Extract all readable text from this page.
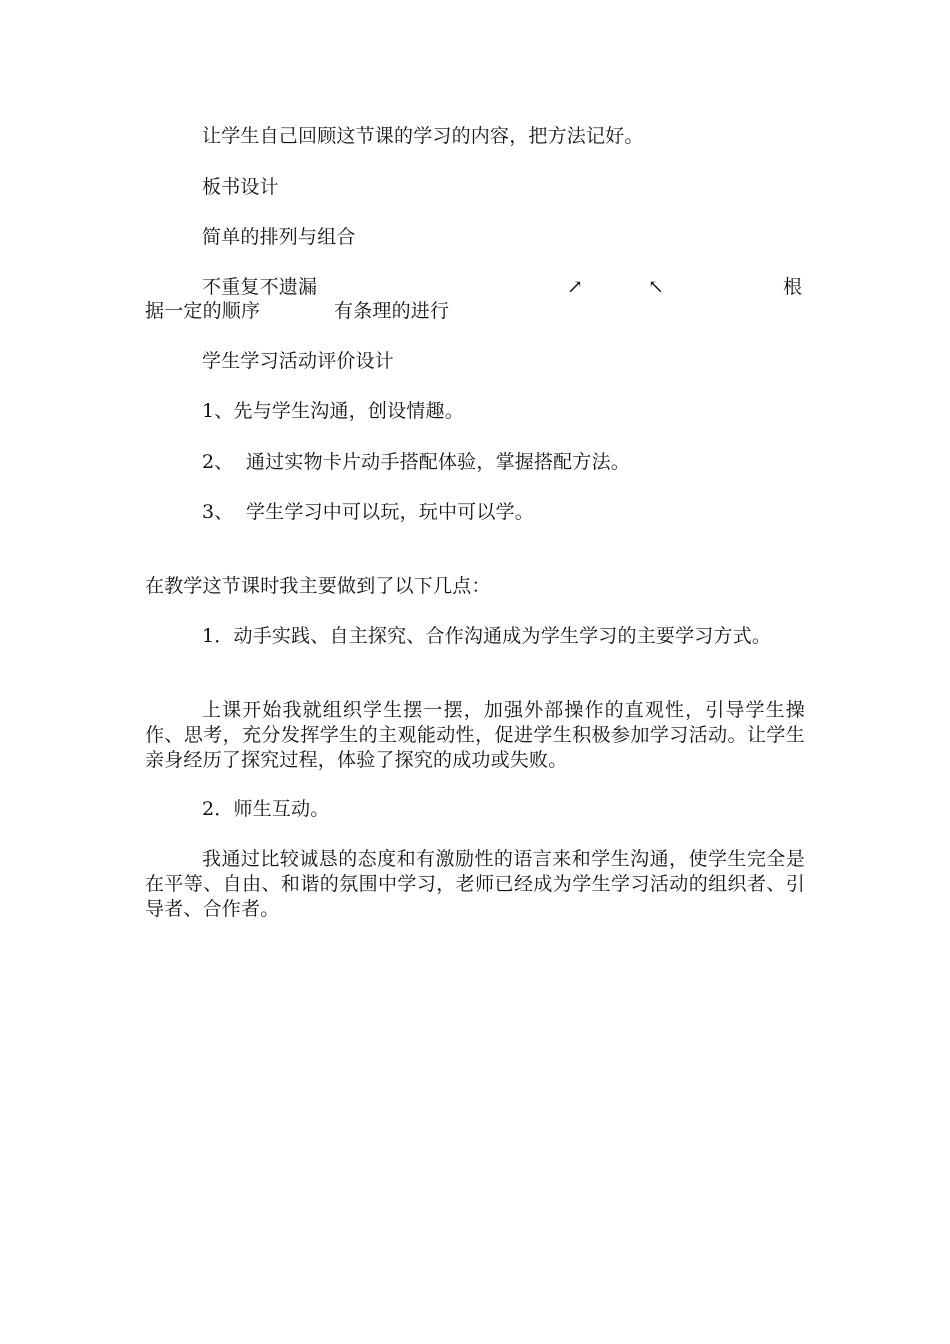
让学生自己回顾这节课的学习的内容，把方法记好。
板书设计
简单的排列与组合
不重复不遗漏	↗	↖	根
据一定的顺序	有条理的进行
学生学习活动评价设计
1、先与学生沟通，创设情趣。
2、  通过实物卡片动手搭配体验，掌握搭配方法。
3、  学生学习中可以玩，玩中可以学。
在教学这节课时我主要做到了以下几点：
1．动手实践、自主探究、合作沟通成为学生学习的主要学习方式。
上课开始我就组织学生摆一摆，加强外部操作的直观性，引导学生操作、思考，充分发挥学生的主观能动性，促进学生积极参加学习活动。让学生亲身经历了探究过程，体验了探究的成功或失败。
2．师生互动。
我通过比较诚恳的态度和有激励性的语言来和学生沟通，使学生完全是在平等、自由、和谐的氛围中学习，老师已经成为学生学习活动的组织者、引导者、合作者。
